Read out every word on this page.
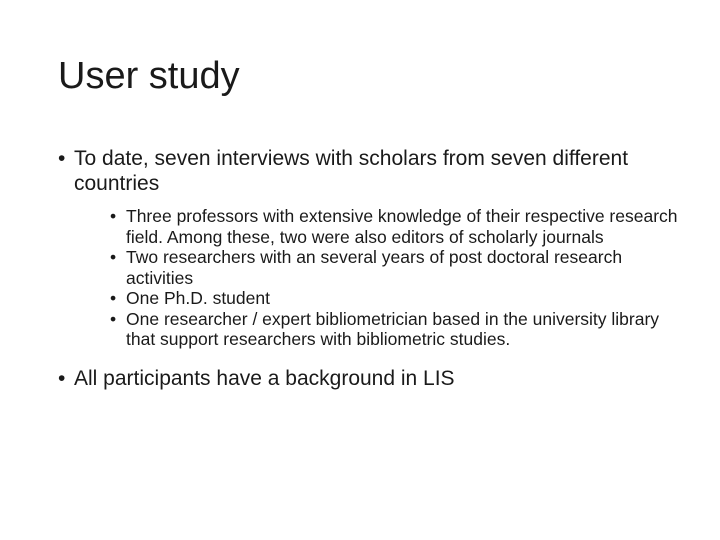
User study
• To date, seven interviews with scholars from seven different countries
• Three professors with extensive knowledge of their respective research field. Among these, two were also editors of scholarly journals
• Two researchers with an several years of post doctoral research activities
• One Ph.D. student
• One researcher / expert bibliometrician based in the university library that support researchers with bibliometric studies.
• All participants have a background in LIS
